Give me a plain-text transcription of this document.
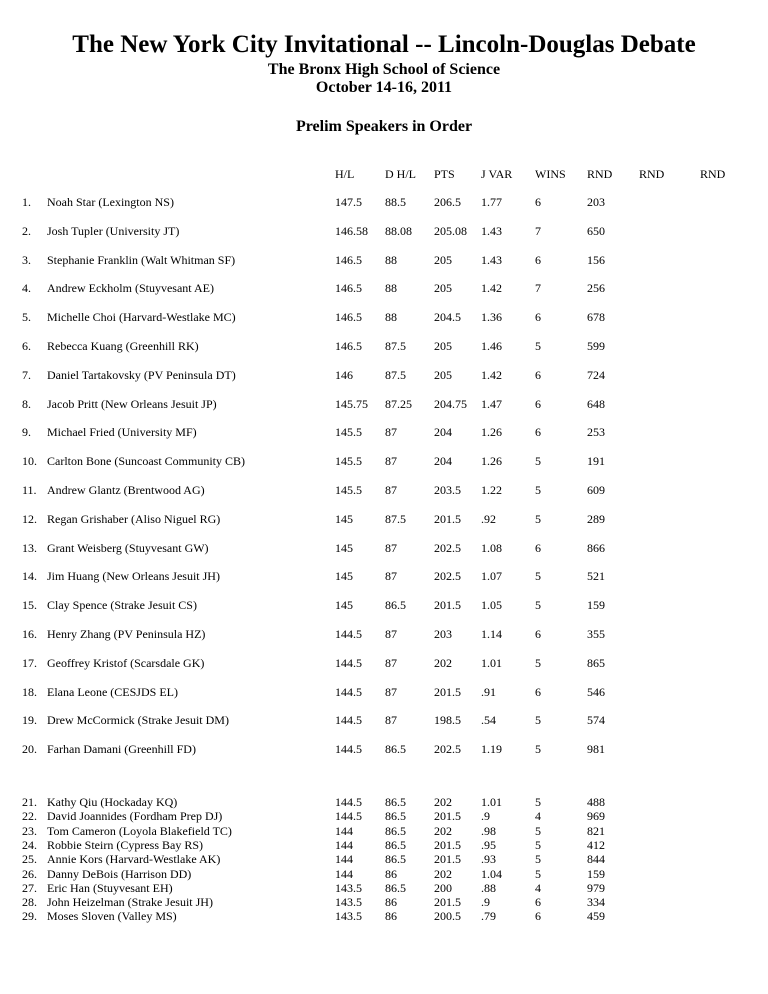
The New York City Invitational -- Lincoln-Douglas Debate
The Bronx High School of Science
October 14-16, 2011
Prelim Speakers in Order
H/L	D H/L PTS J VAR WINS RND RND	RND
1. Noah Star (Lexington NS)	147.5 88.5 206.5 1.77	6	203
2. Josh Tupler (University JT)	146.58 88.08 205.08 1.43	7	650
3. Stephanie Franklin (Walt Whitman SF)	146.5 88	205 1.43	6	156
4. Andrew Eckholm (Stuyvesant AE)	146.5 88	205 1.42	7	256
5. Michelle Choi (Harvard-Westlake MC)	146.5 88	204.5 1.36	6	678
6. Rebecca Kuang (Greenhill RK)	146.5 87.5 205 1.46	5	599
7. Daniel Tartakovsky (PV Peninsula DT)	146	87.5 205 1.42	6	724
8. Jacob Pritt (New Orleans Jesuit JP)	145.75 87.25 204.75 1.47	6	648
9. Michael Fried (University MF)	145.5 87	204 1.26	6	253
10. Carlton Bone (Suncoast Community CB)	145.5 87	204 1.26	5	191
11. Andrew Glantz (Brentwood AG)	145.5 87	203.5 1.22	5	609
12. Regan Grishaber (Aliso Niguel RG)	145	87.5 201.5 .92	5	289
13. Grant Weisberg (Stuyvesant GW)	145	87	202.5 1.08	6	866
14. Jim Huang (New Orleans Jesuit JH)	145	87	202.5 1.07	5	521
15. Clay Spence (Strake Jesuit CS)	145	86.5 201.5 1.05	5	159
16. Henry Zhang (PV Peninsula HZ)	144.5 87	203 1.14	6	355
17. Geoffrey Kristof (Scarsdale GK)	144.5 87	202 1.01	5	865
18. Elana Leone (CESJDS EL)	144.5 87	201.5 .91	6	546
19. Drew McCormick (Strake Jesuit DM)	144.5 87	198.5 .54	5	574
20. Farhan Damani (Greenhill FD)	144.5 86.5 202.5 1.19	5	981
21. Kathy Qiu (Hockaday KQ)	144.5 86.5 202 1.01	5	488
22. David Joannides (Fordham Prep DJ)	144.5 86.5 201.5 .9	4	969
23. Tom Cameron (Loyola Blakefield TC)	144	86.5 202 .98	5	821
24. Robbie Steirn (Cypress Bay RS)	144	86.5 201.5 .95	5	412
25. Annie Kors (Harvard-Westlake AK)	144	86.5 201.5 .93	5	844
26. Danny DeBois (Harrison DD)	144	86	202 1.04	5	159
27. Eric Han (Stuyvesant EH)	143.5 86.5 200 .88	4	979
28. John Heizelman (Strake Jesuit JH)	143.5 86	201.5 .9	6	334
29. Moses Sloven (Valley MS)	143.5 86	200.5 .79	6	459
